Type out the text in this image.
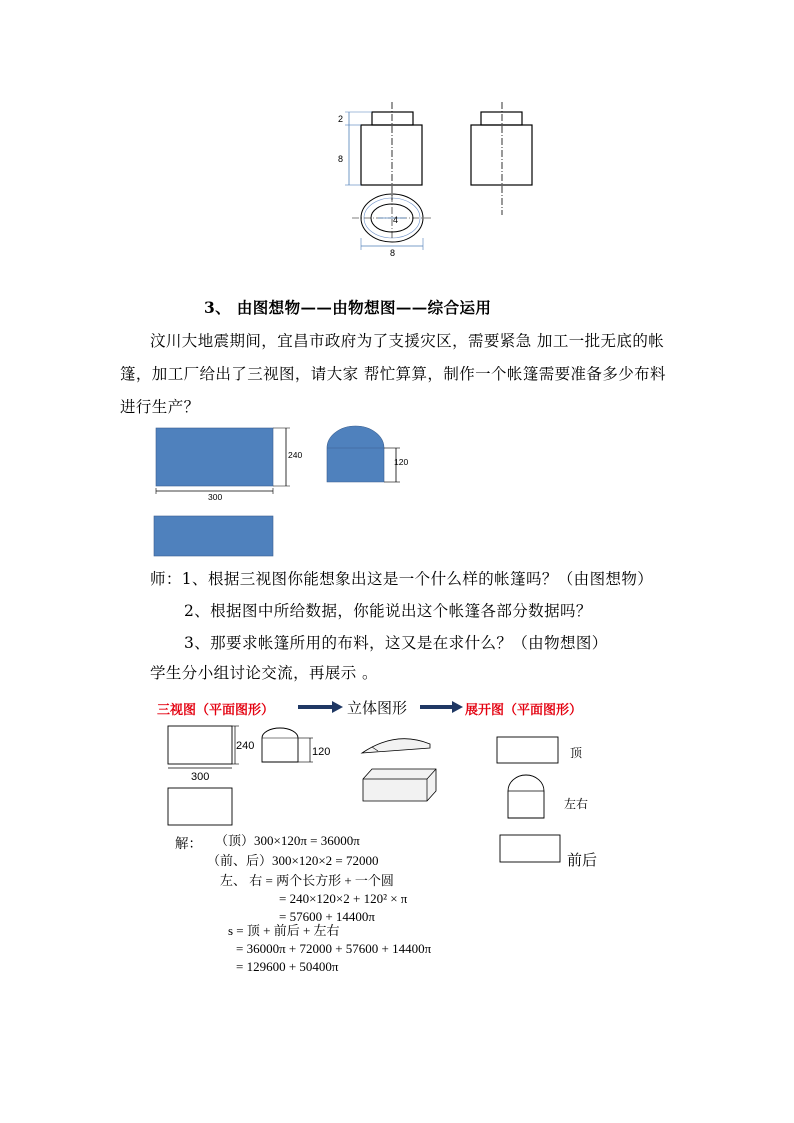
2
8
4
8
3、 由图想物——由物想图——综合运用
汶川大地震期间，宜昌市政府为了支援灾区，需要紧急 加工一批无底的帐
篷，加工厂给出了三视图，请大家 帮忙算算，制作一个帐篷需要准备多少布料
进行生产？
240
300
120
师：1、根据三视图你能想象出这是一个什么样的帐篷吗？（由图想物）
2、根据图中所给数据，你能说出这个帐篷各部分数据吗？
3、那要求帐篷所用的布料，这又是在求什么？（由物想图）
学生分小组讨论交流，再展示 。
三视图（平面图形）	立体图形	展开图（平面图形）
240
300
120	顶
左右
前后
解： （顶）300×120π = 36000π
（前、后）300×120×2 = 72000
左、 右 = 两个长方形 + 一个圆
= 240×120×2 + 120² × π
= 57600 + 14400π
s = 顶 + 前后 + 左右
= 36000π + 72000 + 57600 + 14400π
= 129600 + 50400π
